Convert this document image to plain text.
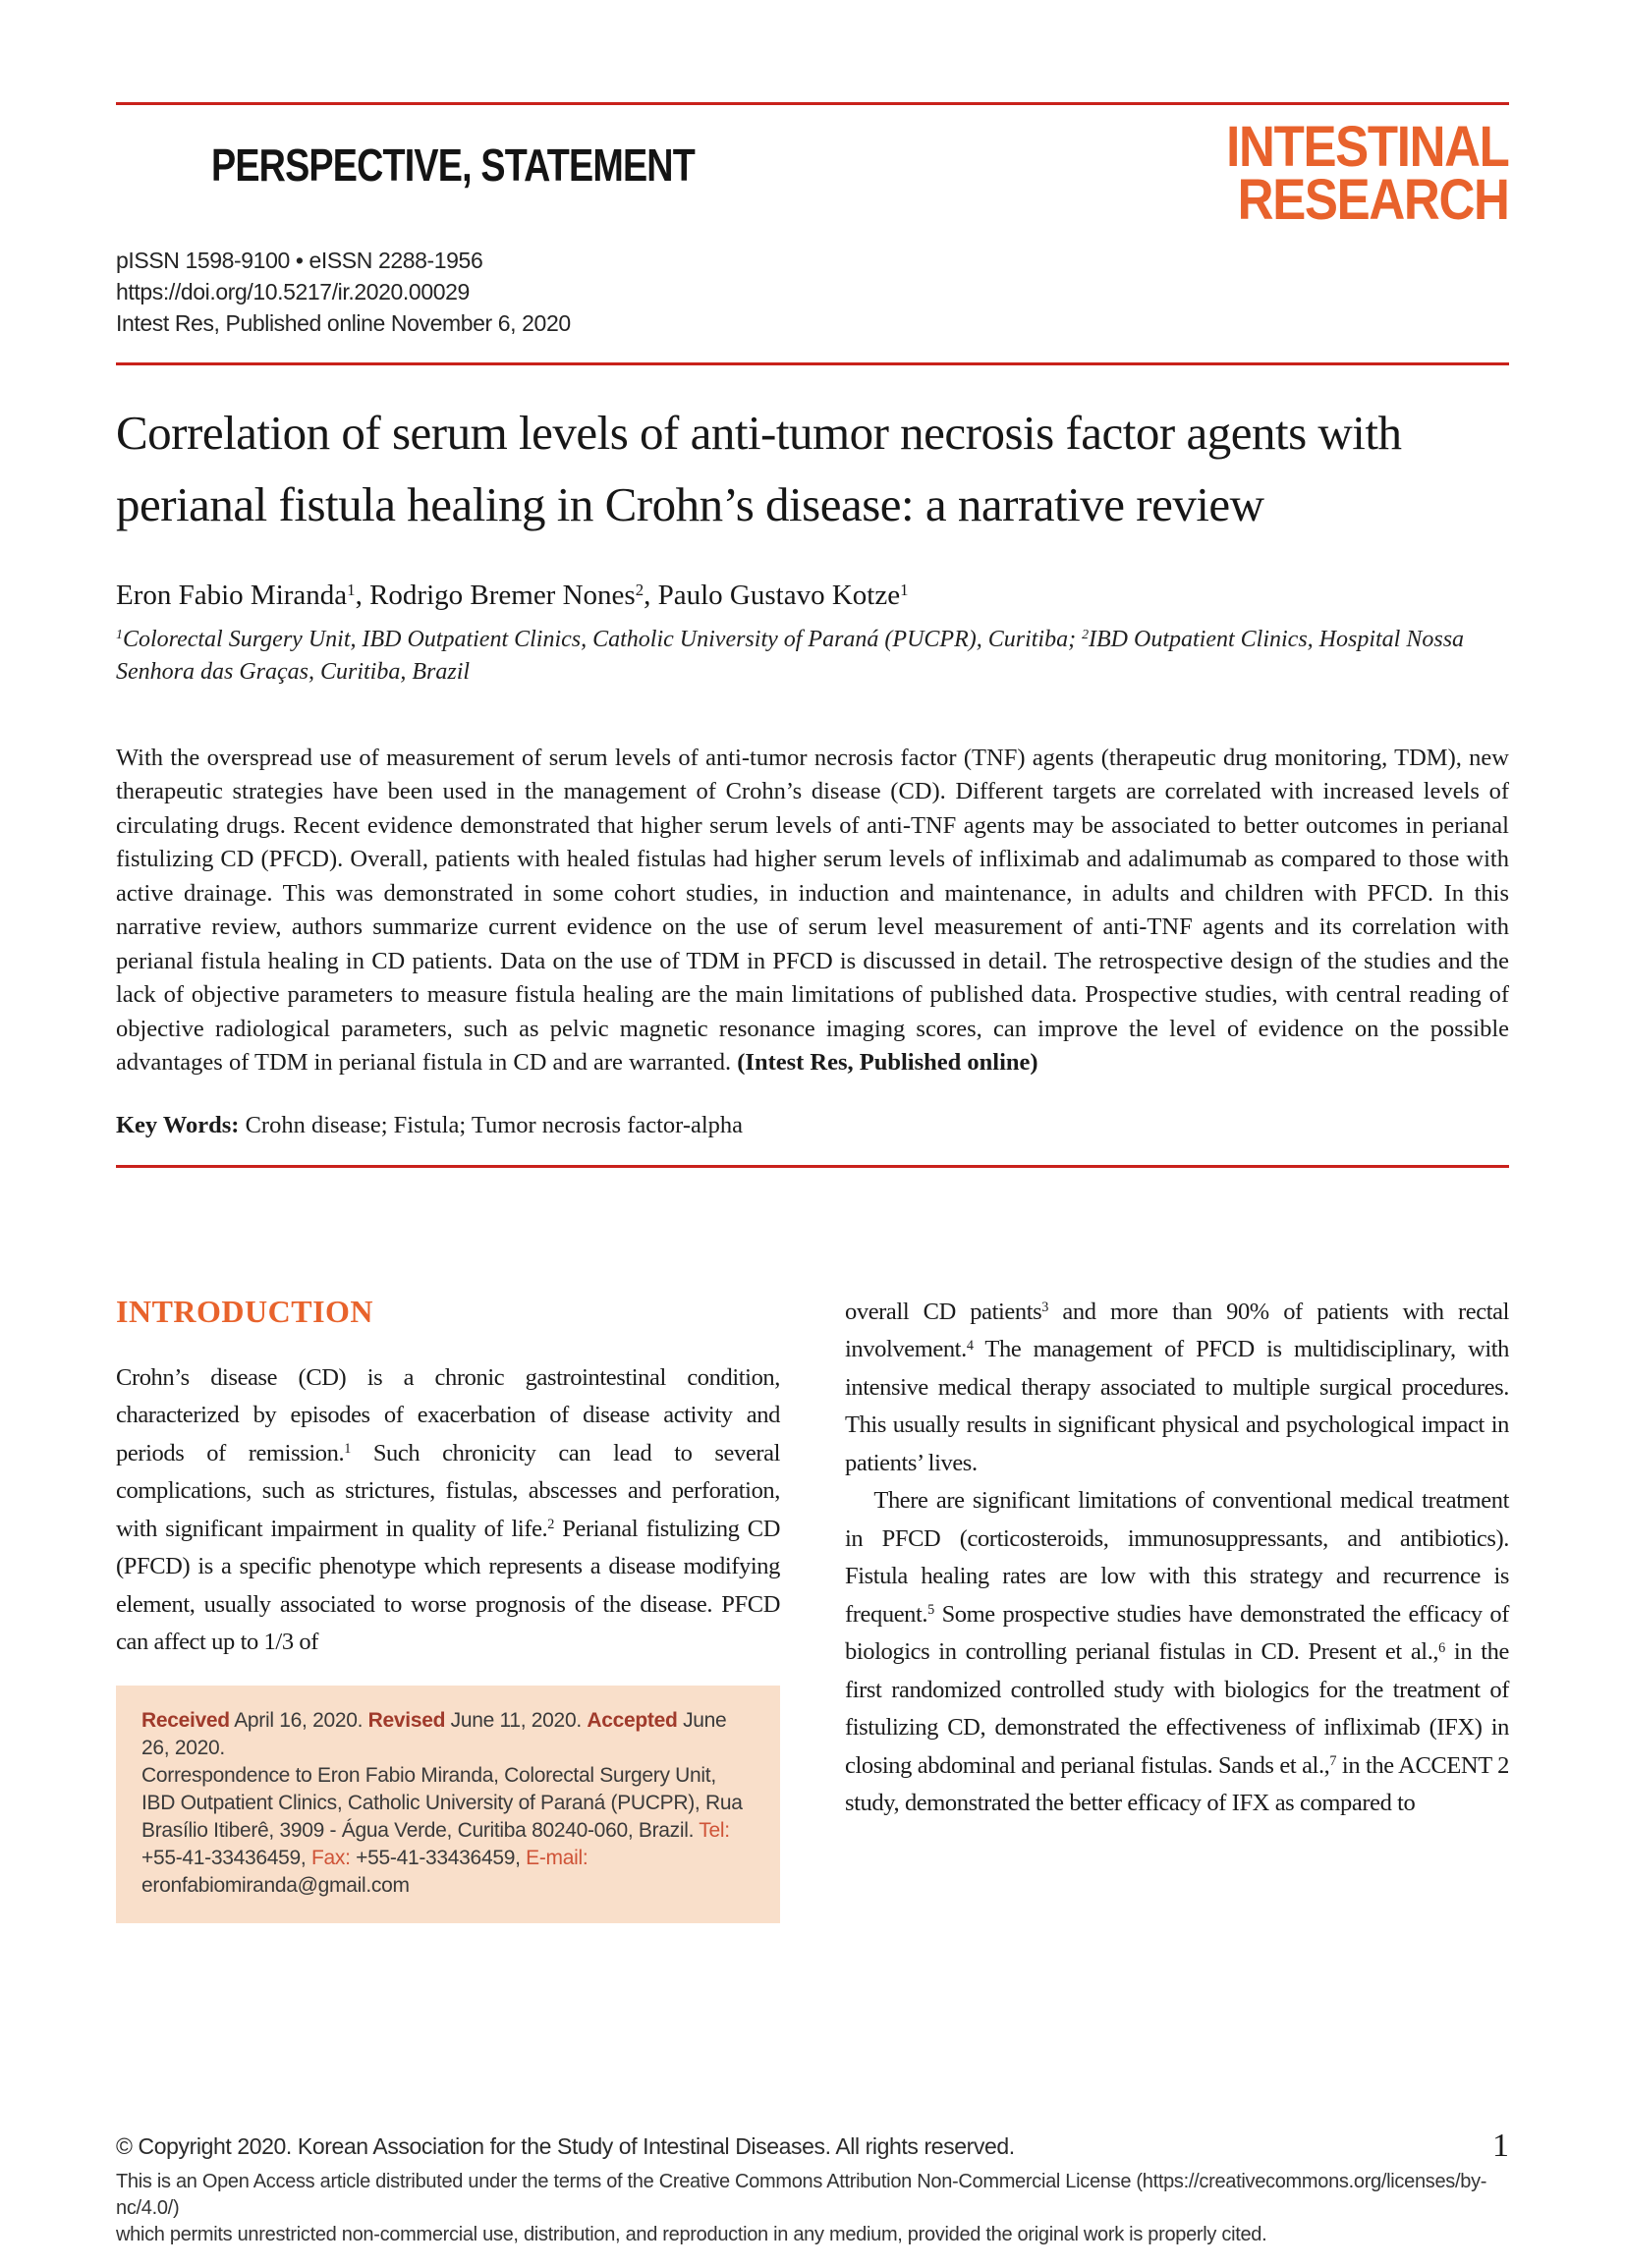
PERSPECTIVE, STATEMENT	INTESTINAL
RESEARCH
pISSN 1598-9100 • eISSN 2288-1956
https://doi.org/10.5217/ir.2020.00029
Intest Res, Published online November 6, 2020
Correlation of serum levels of anti-tumor necrosis factor agents with perianal fistula healing in Crohn’s disease: a narrative review
Eron Fabio Miranda$^1$, Rodrigo Bremer Nones$^2$, Paulo Gustavo Kotze$^1$
$^1$Colorectal Surgery Unit, IBD Outpatient Clinics, Catholic University of Paraná (PUCPR), Curitiba; $^2$IBD Outpatient Clinics, Hospital Nossa Senhora das Graças, Curitiba, Brazil

With the overspread use of measurement of serum levels of anti-tumor necrosis factor (TNF) agents (therapeutic drug monitoring, TDM), new therapeutic strategies have been used in the management of Crohn’s disease (CD). Different targets are correlated with increased levels of circulating drugs. Recent evidence demonstrated that higher serum levels of anti-TNF agents may be associated to better outcomes in perianal fistulizing CD (PFCD). Overall, patients with healed fistulas had higher serum levels of infliximab and adalimumab as compared to those with active drainage. This was demonstrated in some cohort studies, in induction and maintenance, in adults and children with PFCD. In this narrative review, authors summarize current evidence on the use of serum level measurement of anti-TNF agents and its correlation with perianal fistula healing in CD patients. Data on the use of TDM in PFCD is discussed in detail. The retrospective design of the studies and the lack of objective parameters to measure fistula healing are the main limitations of published data. Prospective studies, with central reading of objective radiological parameters, such as pelvic magnetic resonance imaging scores, can improve the level of evidence on the possible advantages of TDM in perianal fistula in CD and are warranted. (Intest Res, Published online)

Key Words: Crohn disease; Fistula; Tumor necrosis factor-alpha
INTRODUCTION

Crohn’s disease (CD) is a chronic gastrointestinal condition, characterized by episodes of exacerbation of disease activity and periods of remission.$^1$ Such chronicity can lead to several complications, such as strictures, fistulas, abscesses and perforation, with significant impairment in quality of life.$^2$ Perianal fistulizing CD (PFCD) is a specific phenotype which represents a disease modifying element, usually associated to worse prognosis of the disease. PFCD can affect up to 1/3 of

Received April 16, 2020. Revised June 11, 2020. Accepted June 26, 2020.
Correspondence to Eron Fabio Miranda, Colorectal Surgery Unit, IBD Outpatient Clinics, Catholic University of Paraná (PUCPR), Rua Brasílio Itiberê, 3909 - Água Verde, Curitiba 80240-060, Brazil. Tel: +55-41-33436459, Fax: +55-41-33436459, E-mail: eronfabiomiranda@gmail.com

overall CD patients$^3$ and more than 90% of patients with rectal involvement.$^4$ The management of PFCD is multidisciplinary, with intensive medical therapy associated to multiple surgical procedures. This usually results in significant physical and psychological impact in patients’ lives.

There are significant limitations of conventional medical treatment in PFCD (corticosteroids, immunosuppressants, and antibiotics). Fistula healing rates are low with this strategy and recurrence is frequent.$^5$ Some prospective studies have demonstrated the efficacy of biologics in controlling perianal fistulas in CD. Present et al.,$^6$ in the first randomized controlled study with biologics for the treatment of fistulizing CD, demonstrated the effectiveness of infliximab (IFX) in closing abdominal and perianal fistulas. Sands et al.,$^7$ in the ACCENT 2 study, demonstrated the better efficacy of IFX as compared to

© Copyright 2020. Korean Association for the Study of Intestinal Diseases. All rights reserved.
This is an Open Access article distributed under the terms of the Creative Commons Attribution Non-Commercial License (https://creativecommons.org/licenses/by-nc/4.0/)
which permits unrestricted non-commercial use, distribution, and reproduction in any medium, provided the original work is properly cited.
1
